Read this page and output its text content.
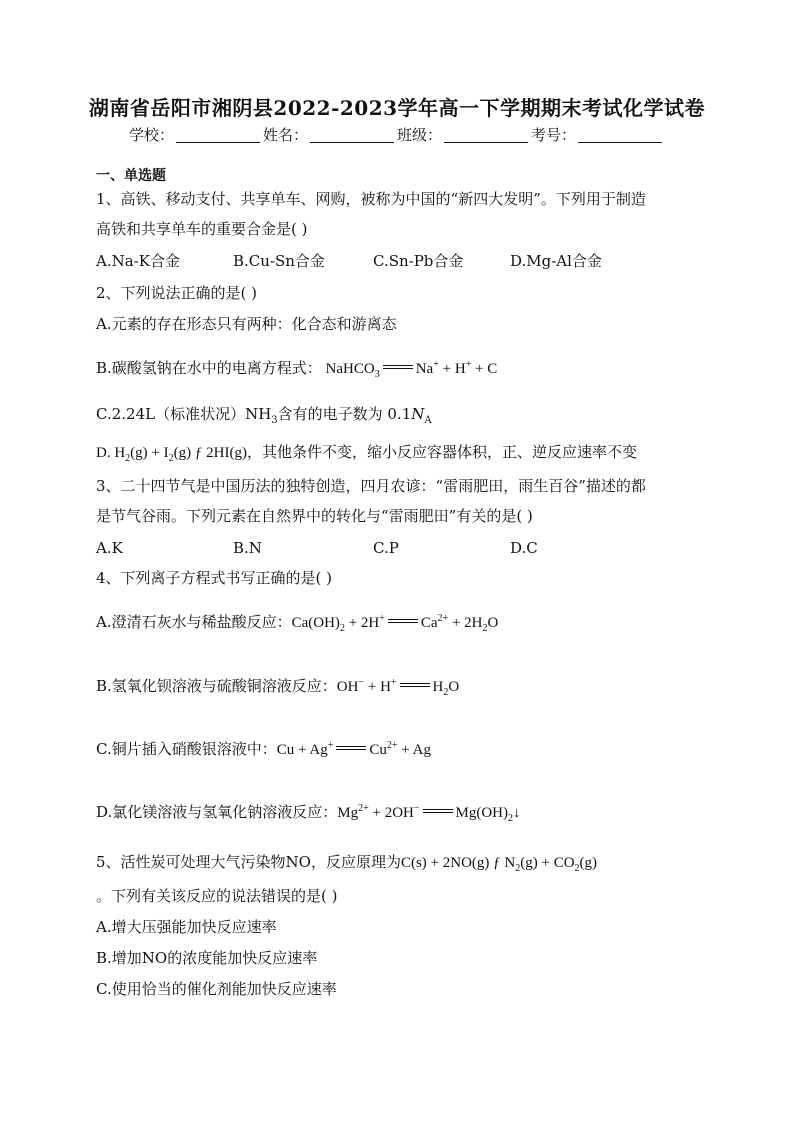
湖南省岳阳市湘阴县2022-2023学年高一下学期期末考试化学试卷
学校：	姓名：	班级：	考号：
一、单选题
1、高铁、移动支付、共享单车、网购，被称为中国的“新四大发明”。下列用于制造
高铁和共享单车的重要合金是( )
A.Na-K合金	B.Cu-Sn合金	C.Sn-Pb合金	D.Mg-Al合金
2、下列说法正确的是( )
A.元素的存在形态只有两种：化合态和游离态
B.碳酸氢钠在水中的电离方程式： NaHCO$_3$ Na+ + H+ + C
C.2.24L（标准状况）$NH_3$含有的电子数为 $0.1N_A$
D. $H_2(g) + I_2(g)$ ƒ 2HI(g)，其他条件不变，缩小反应容器体积，正、逆反应速率不变
3、二十四节气是中国历法的独特创造，四月农谚：“雷雨肥田，雨生百谷”描述的都
是节气谷雨。下列元素在自然界中的转化与“雷雨肥田”有关的是( )
A.K	B.N	C.P	D.C
4、下列离子方程式书写正确的是( )
A.澄清石灰水与稀盐酸反应：$Ca(OH)_2 + 2H^+$ $Ca^{2+} + 2H_2O$
B.氢氧化钡溶液与硫酸铜溶液反应：OH− + H+ $H_2O$
C.铜片插入硝酸银溶液中：Cu + Ag+ $Cu^{2+} + Ag$
D.氯化镁溶液与氢氧化钠溶液反应：$Mg^{2+} + 2OH^-$ $Mg(OH)_2↓$
5、活性炭可处理大气污染物NO，反应原理为C(s) + 2NO(g) ƒ $N_2(g) + CO_2(g)$
。下列有关该反应的说法错误的是( )
A.增大压强能加快反应速率
B.增加NO的浓度能加快反应速率
C.使用恰当的催化剂能加快反应速率
